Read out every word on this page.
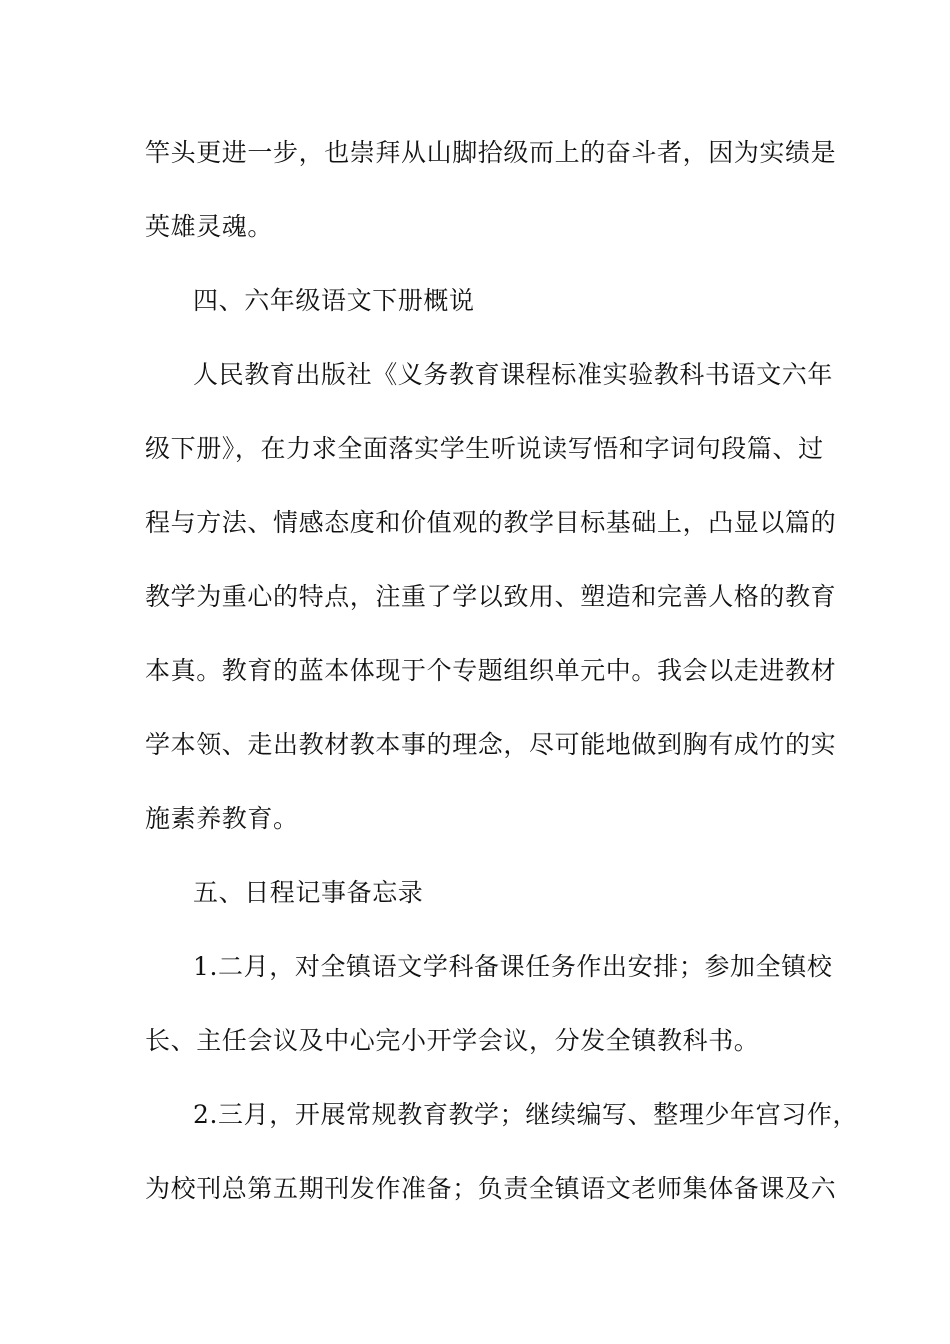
竿头更进一步，也崇拜从山脚拾级而上的奋斗者，因为实绩是
英雄灵魂。
四、六年级语文下册概说
人民教育出版社《义务教育课程标准实验教科书语文六年
级下册》，在力求全面落实学生听说读写悟和字词句段篇、过
程与方法、情感态度和价值观的教学目标基础上，凸显以篇的
教学为重心的特点，注重了学以致用、塑造和完善人格的教育
本真。教育的蓝本体现于个专题组织单元中。我会以走进教材
学本领、走出教材教本事的理念，尽可能地做到胸有成竹的实
施素养教育。
五、日程记事备忘录
1.二月，对全镇语文学科备课任务作出安排；参加全镇校
长、主任会议及中心完小开学会议，分发全镇教科书。
2.三月，开展常规教育教学；继续编写、整理少年宫习作，
为校刊总第五期刊发作准备；负责全镇语文老师集体备课及六
